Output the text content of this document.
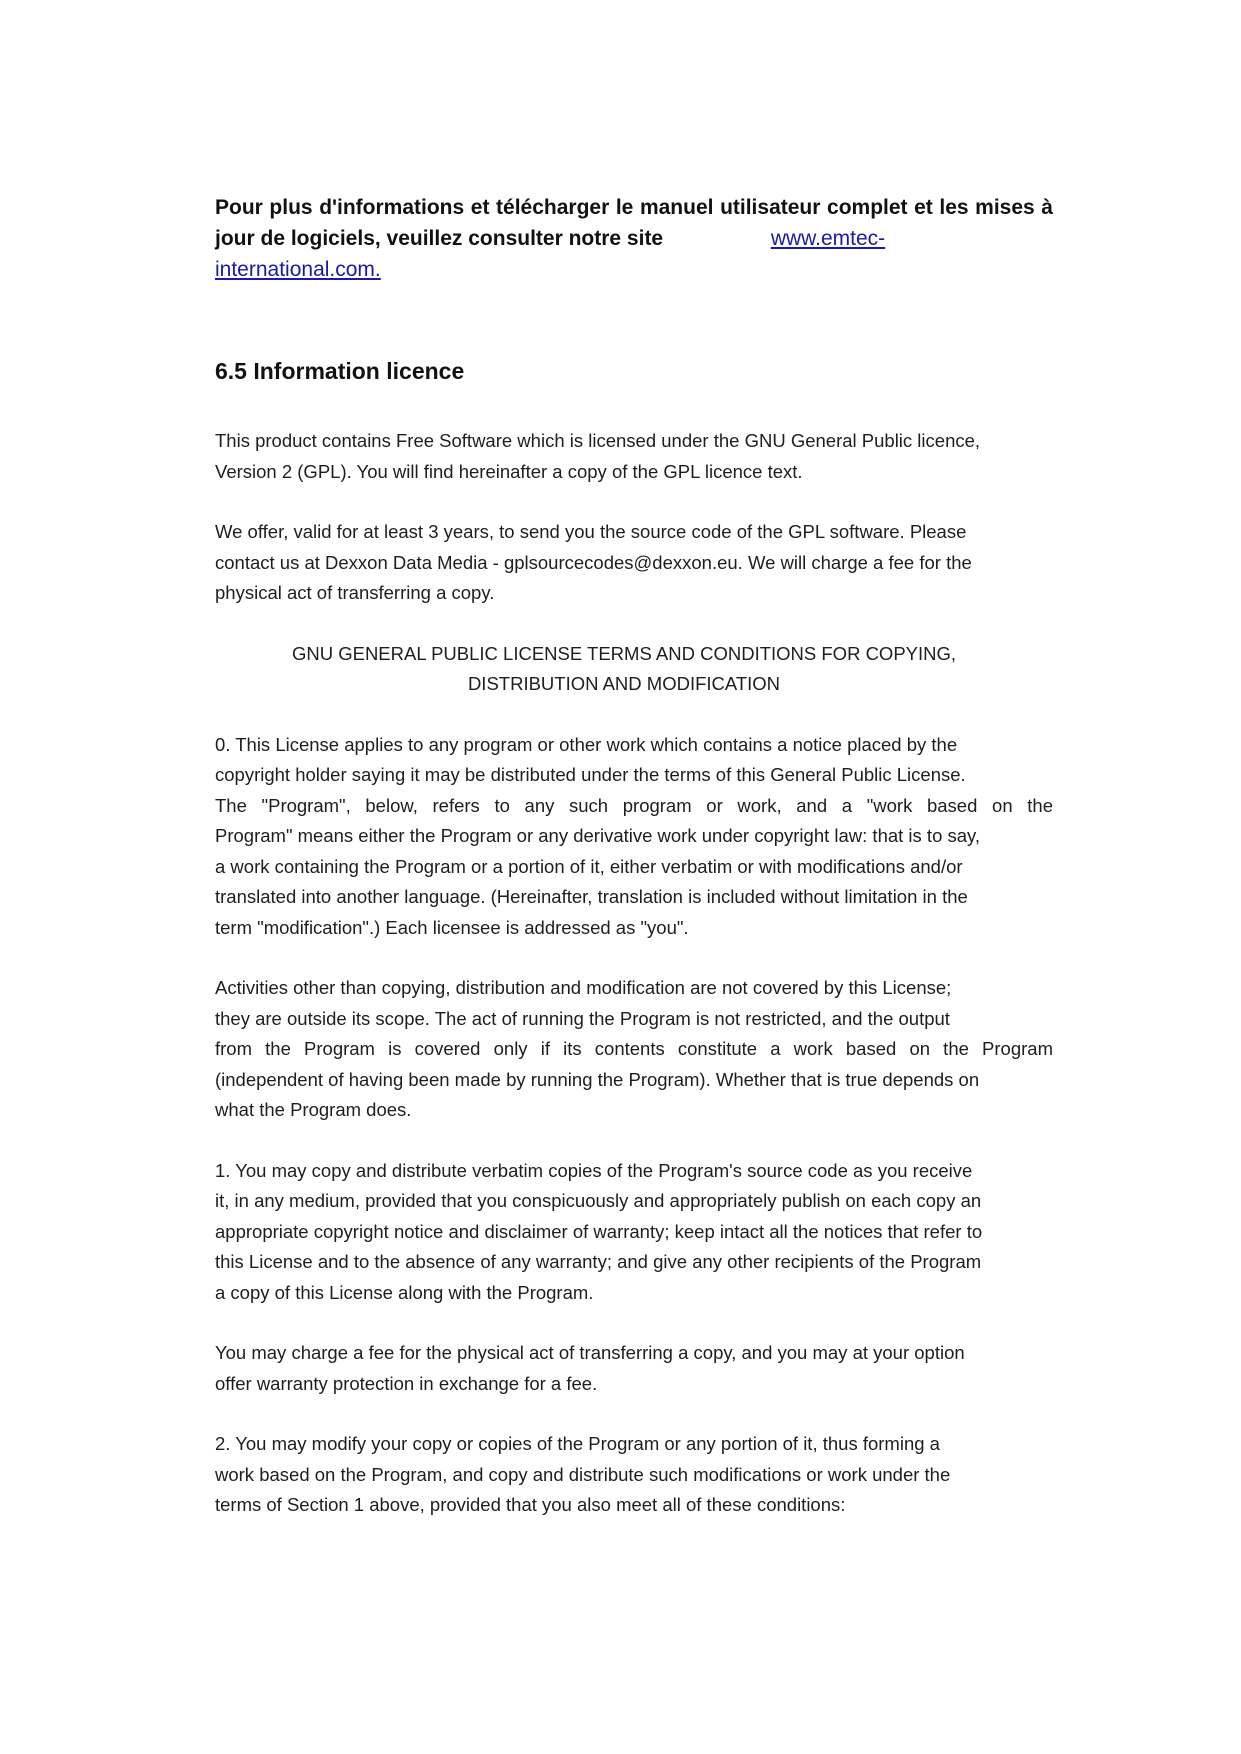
Pour plus d'informations et télécharger le manuel utilisateur complet et les mises à jour de logiciels, veuillez consulter notre site	www.emtec-
international.com.

6.5 Information licence

This product contains Free Software which is licensed under the GNU General Public licence,
Version 2 (GPL). You will find hereinafter a copy of the GPL licence text.

We offer, valid for at least 3 years, to send you the source code of the GPL software. Please
contact us at Dexxon Data Media - gplsourcecodes@dexxon.eu. We will charge a fee for the
physical act of transferring a copy.

GNU GENERAL PUBLIC LICENSE TERMS AND CONDITIONS FOR COPYING,
DISTRIBUTION AND MODIFICATION

0. This License applies to any program or other work which contains a notice placed by the
copyright holder saying it may be distributed under the terms of this General Public License.
The "Program", below, refers to any such program or work, and a "work based on the
Program" means either the Program or any derivative work under copyright law: that is to say,
a work containing the Program or a portion of it, either verbatim or with modifications and/or
translated into another language. (Hereinafter, translation is included without limitation in the
term "modification".) Each licensee is addressed as "you".

Activities other than copying, distribution and modification are not covered by this License;
they are outside its scope. The act of running the Program is not restricted, and the output
from the Program is covered only if its contents constitute a work based on the Program
(independent of having been made by running the Program). Whether that is true depends on
what the Program does.

1. You may copy and distribute verbatim copies of the Program's source code as you receive
it, in any medium, provided that you conspicuously and appropriately publish on each copy an
appropriate copyright notice and disclaimer of warranty; keep intact all the notices that refer to
this License and to the absence of any warranty; and give any other recipients of the Program
a copy of this License along with the Program.

You may charge a fee for the physical act of transferring a copy, and you may at your option
offer warranty protection in exchange for a fee.

2. You may modify your copy or copies of the Program or any portion of it, thus forming a
work based on the Program, and copy and distribute such modifications or work under the
terms of Section 1 above, provided that you also meet all of these conditions:
